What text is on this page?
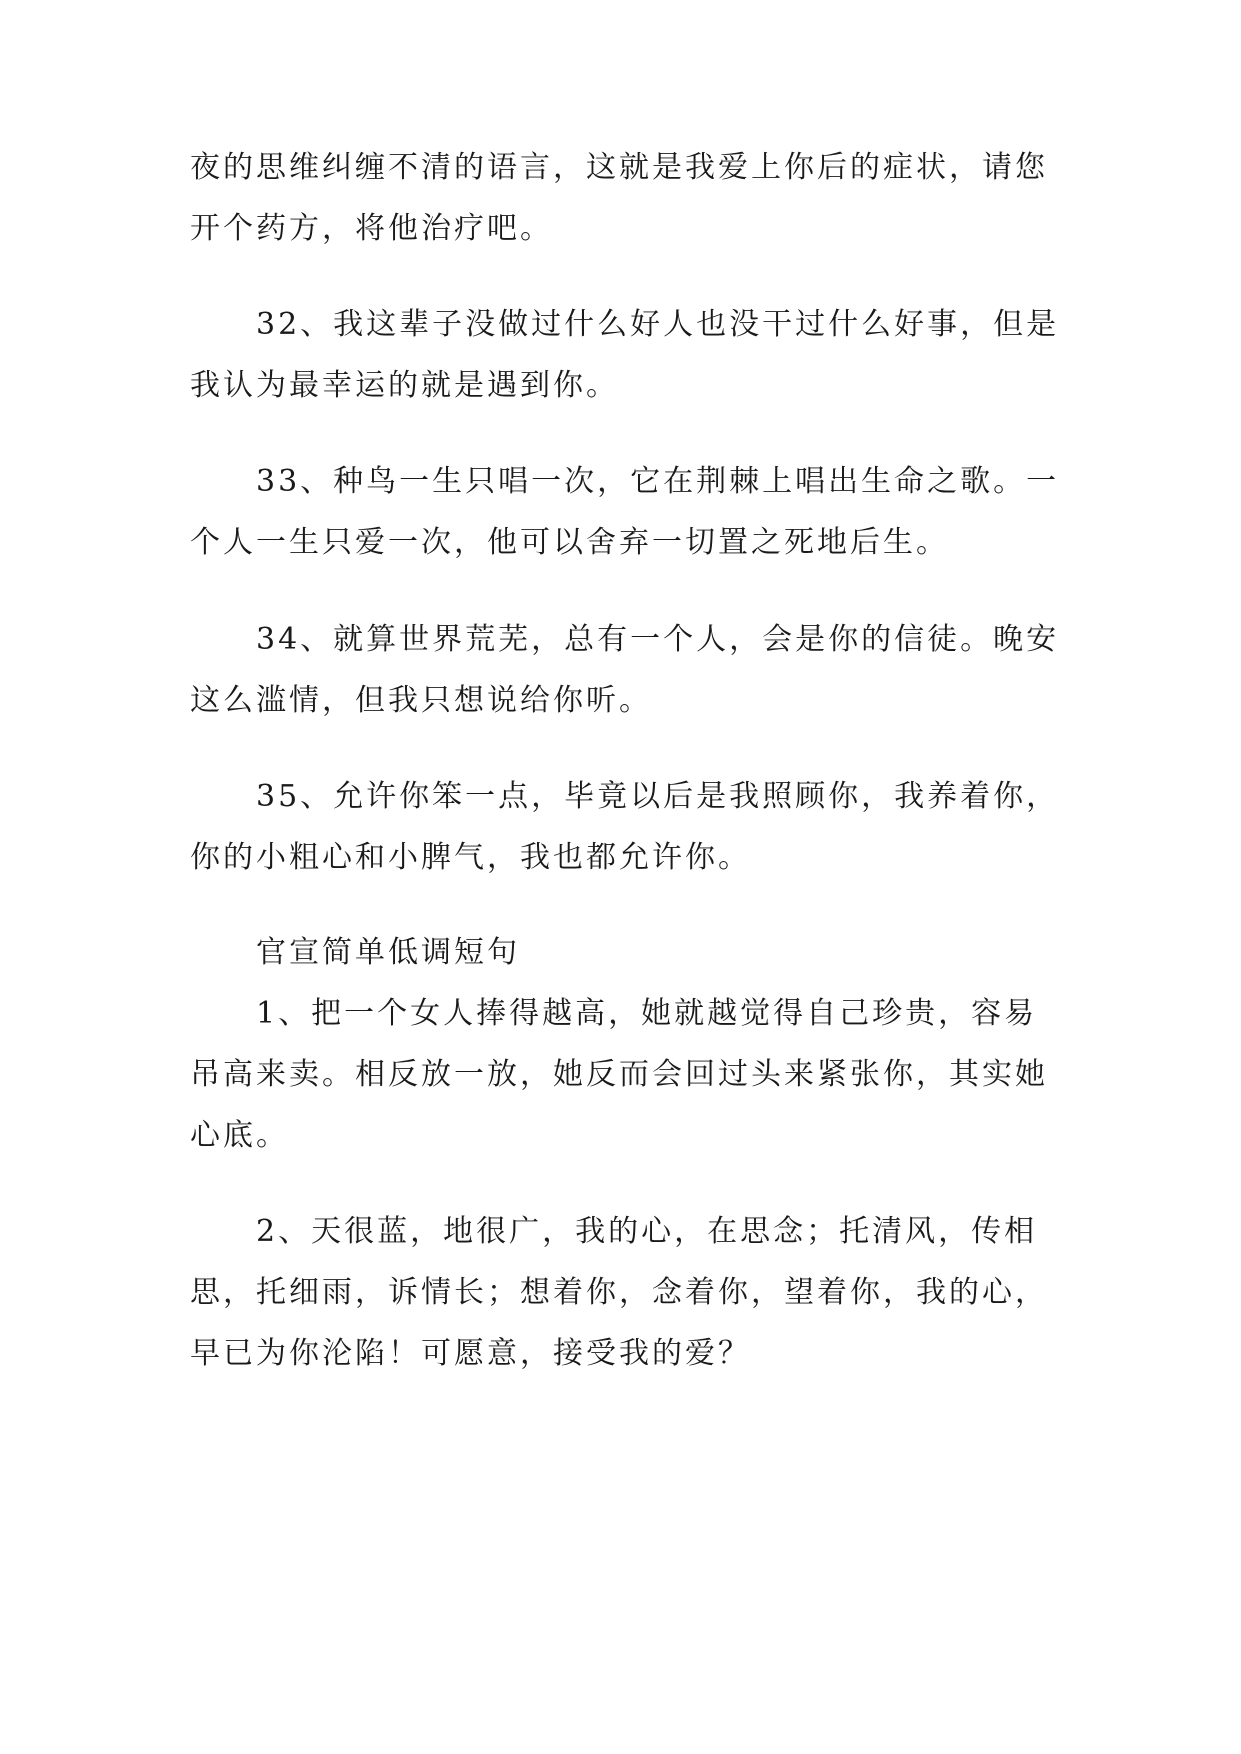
夜的思维纠缠不清的语言，这就是我爱上你后的症状，请您
开个药方，将他治疗吧。
32、我这辈子没做过什么好人也没干过什么好事，但是
我认为最幸运的就是遇到你。
33、种鸟一生只唱一次，它在荆棘上唱出生命之歌。一
个人一生只爱一次，他可以舍弃一切置之死地后生。
34、就算世界荒芜，总有一个人，会是你的信徒。晚安
这么滥情，但我只想说给你听。
35、允许你笨一点，毕竟以后是我照顾你，我养着你，
你的小粗心和小脾气，我也都允许你。
官宣简单低调短句
1、把一个女人捧得越高，她就越觉得自己珍贵，容易
吊高来卖。相反放一放，她反而会回过头来紧张你，其实她
心底。
2、天很蓝，地很广，我的心，在思念；托清风，传相
思，托细雨，诉情长；想着你，念着你，望着你，我的心，
早已为你沦陷！可愿意，接受我的爱？
